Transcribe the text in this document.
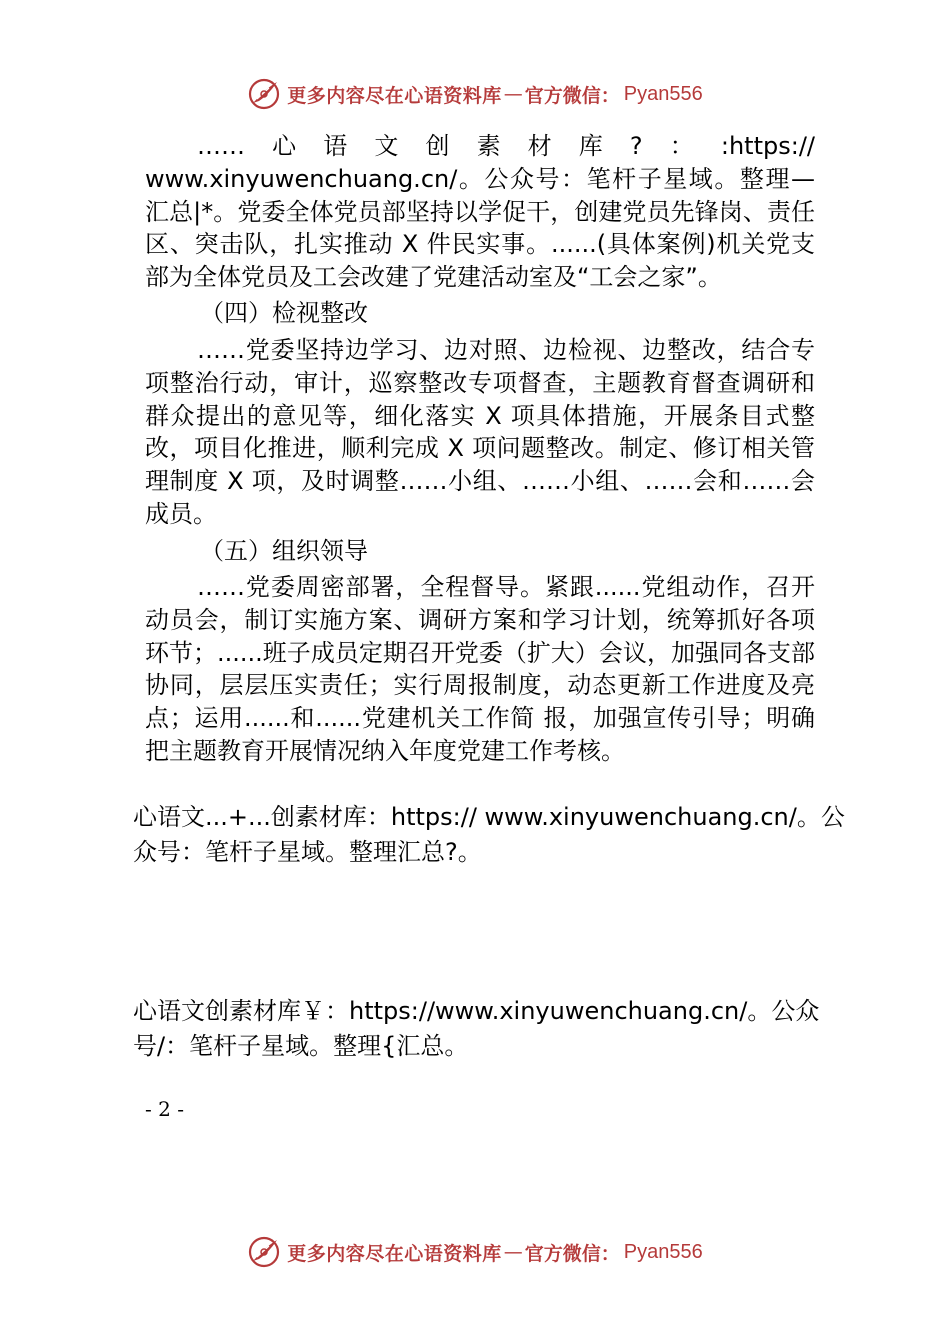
更多内容尽在心语资料库 — 官方微信： Pyan556

……心语文创素材库?：:https:// www.xinyuwenchuang.cn/。公众号：笔杆子星域。整理—汇总|*。党委全体党员部坚持以学促干，创建党员先锋岗、责任区、突击队，扎实推动 X 件民实事。......(具体案例)机关党支部为全体党员及工会改建了党建活动室及“工会之家”。

（四）检视整改

……党委坚持边学习、边对照、边检视、边整改，结合专项整治行动，审计，巡察整改专项督查，主题教育督查调研和群众提出的意见等，细化落实 X 项具体措施，开展条目式整改，项目化推进，顺利完成 X 项问题整改。制定、修订相关管理制度 X 项，及时调整……小组、……小组、……会和……会成员。

（五）组织领导

……党委周密部署，全程督导。紧跟......党组动作，召开动员会，制订实施方案、调研方案和学习计划，统筹抓好各项环节；......班子成员定期召开党委（扩大）会议，加强同各支部协同，层层压实责任；实行周报制度，动态更新工作进度及亮点；运用......和......党建机关工作简 报，加强宣传引导；明确把主题教育开展情况纳入年度党建工作考核。

心语文...+...创素材库：https:// www.xinyuwenchuang.cn/。公众号：笔杆子星域。整理汇总?。

心语文创素材库￥：https://www.xinyuwenchuang.cn/。公众号/：笔杆子星域。整理{汇总。

- 2 -
更多内容尽在心语资料库 — 官方微信： Pyan556
